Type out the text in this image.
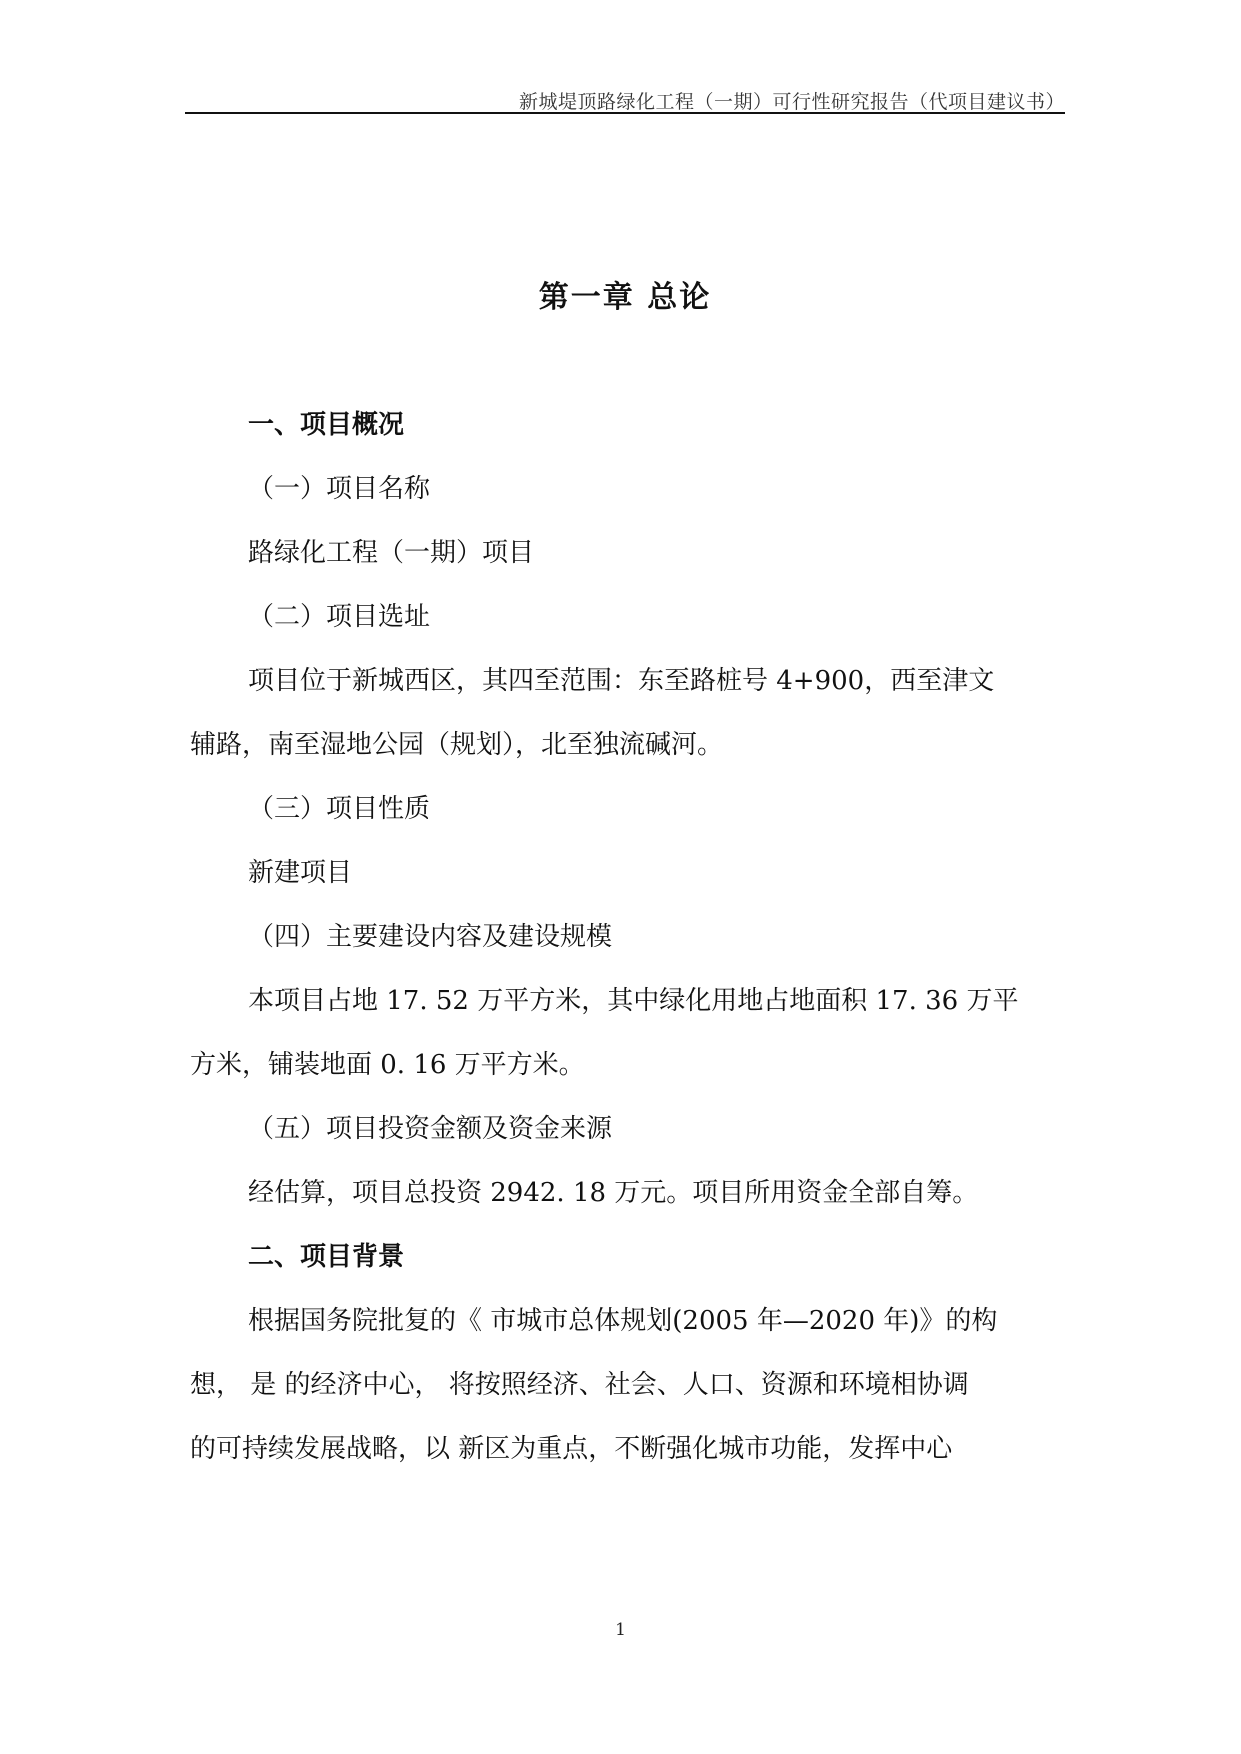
新城堤顶路绿化工程（一期）可行性研究报告（代项目建议书）
第一章 总论
一、项目概况
（一）项目名称
路绿化工程（一期）项目
（二）项目选址
项目位于新城西区，其四至范围：东至路桩号 4+900，西至津文
辅路，南至湿地公园（规划），北至独流碱河。
（三）项目性质
新建项目
（四）主要建设内容及建设规模
本项目占地 17. 52 万平方米，其中绿化用地占地面积 17. 36 万平
方米，铺装地面 0. 16 万平方米。
（五）项目投资金额及资金来源
经估算，项目总投资 2942. 18 万元。项目所用资金全部自筹。
二、项目背景
根据国务院批复的《 市城市总体规划(2005 年—2020 年)》的构
想， 是 的经济中心， 将按照经济、社会、人口、资源和环境相协调
的可持续发展战略，以 新区为重点，不断强化城市功能，发挥中心
1
